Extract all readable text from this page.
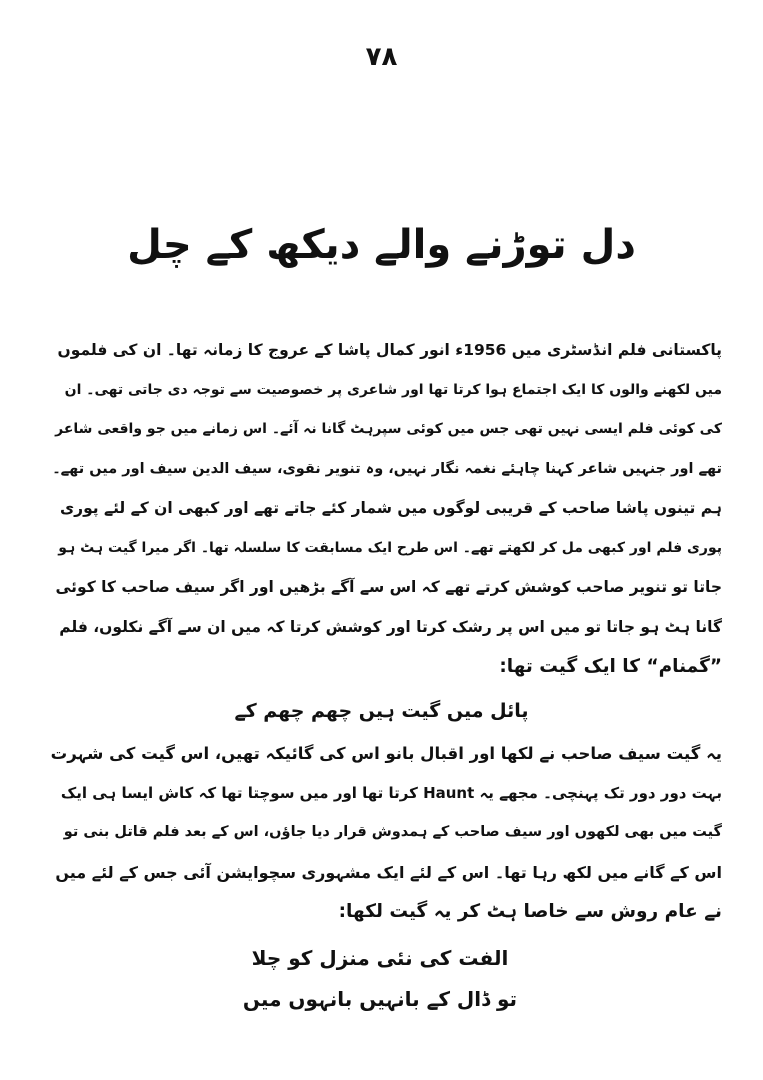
۷۸
دل توڑنے والے دیکھ کے چل
پاکستانی فلم انڈسٹری میں 1956ء انور کمال پاشا کے عروج کا زمانہ تھا۔ ان کی فلموں
میں لکھنے والوں کا ایک اجتماع ہوا کرتا تھا اور شاعری پر خصوصیت سے توجہ دی جاتی تھی۔ ان
کی کوئی فلم ایسی نہیں تھی جس میں کوئی سپرہٹ گانا نہ آئے۔ اس زمانے میں جو واقعی شاعر
تھے اور جنہیں شاعر کہنا چاہئے نغمہ نگار نہیں، وہ تنویر نقوی، سیف الدین سیف اور میں تھے۔
ہم تینوں پاشا صاحب کے قریبی لوگوں میں شمار کئے جاتے تھے اور کبھی ان کے لئے پوری
پوری فلم اور کبھی مل کر لکھتے تھے۔ اس طرح ایک مسابقت کا سلسلہ تھا۔ اگر میرا گیت ہٹ ہو
جاتا تو تنویر صاحب کوشش کرتے تھے کہ اس سے آگے بڑھیں اور اگر سیف صاحب کا کوئی
گانا ہٹ ہو جاتا تو میں اس پر رشک کرتا اور کوشش کرتا کہ میں ان سے آگے نکلوں، فلم
”گمنام“ کا ایک گیت تھا:
پائل میں گیت ہیں چھم چھم کے
یہ گیت سیف صاحب نے لکھا اور اقبال بانو اس کی گائیکہ تھیں، اس گیت کی شہرت
بہت دور دور تک پہنچی۔ مجھے یہ Haunt کرتا تھا اور میں سوچتا تھا کہ کاش ایسا ہی ایک
گیت میں بھی لکھوں اور سیف صاحب کے ہمدوش قرار دیا جاؤں، اس کے بعد فلم قاتل بنی تو
اس کے گانے میں لکھ رہا تھا۔ اس کے لئے ایک مشہوری سچوایشن آئی جس کے لئے میں
نے عام روش سے خاصا ہٹ کر یہ گیت لکھا:
الفت کی نئی منزل کو چلا
تو ڈال کے بانہیں بانہوں میں
